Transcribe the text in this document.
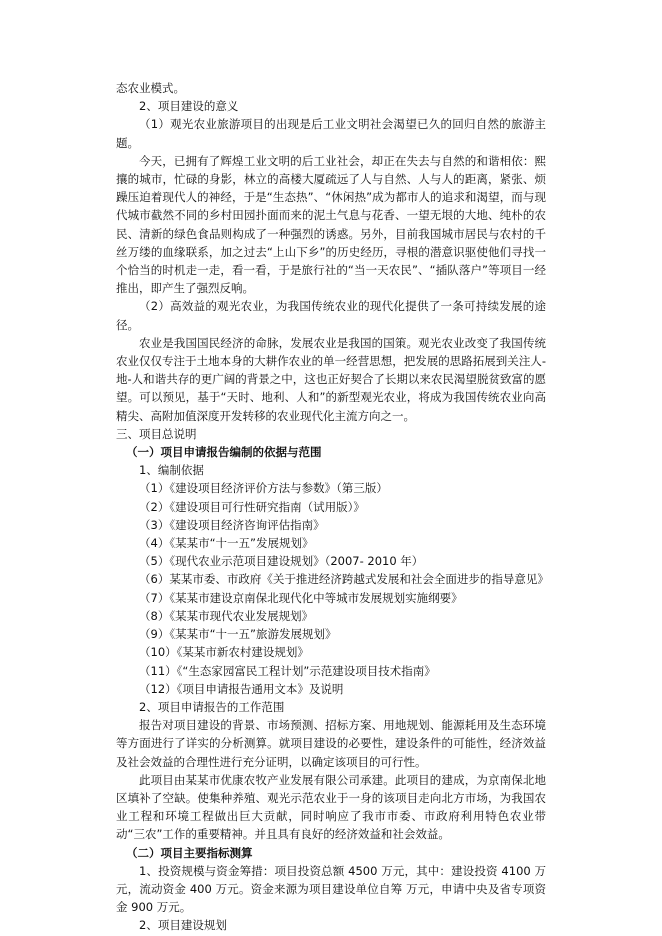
态农业模式。

2、项目建设的意义

（1）观光农业旅游项目的出现是后工业文明社会渴望已久的回归自然的旅游主题。

今天，已拥有了辉煌工业文明的后工业社会，却正在失去与自然的和谐相依：熙攘的城市，忙碌的身影，林立的高楼大厦疏远了人与自然、人与人的距离，紧张、烦躁压迫着现代人的神经，于是“生态热”、“休闲热”成为都市人的追求和渴望，而与现代城市截然不同的乡村田园扑面而来的泥土气息与花香、一望无垠的大地、纯朴的农民、清新的绿色食品则构成了一种强烈的诱惑。另外，目前我国城市居民与农村的千丝万缕的血缘联系，加之过去“上山下乡”的历史经历，寻根的潜意识驱使他们寻找一个恰当的时机走一走，看一看，于是旅行社的“当一天农民”、“插队落户”等项目一经推出，即产生了强烈反响。

（2）高效益的观光农业，为我国传统农业的现代化提供了一条可持续发展的途径。

农业是我国国民经济的命脉，发展农业是我国的国策。观光农业改变了我国传统农业仅仅专注于土地本身的大耕作农业的单一经营思想，把发展的思路拓展到关注人-地-人和谐共存的更广阔的背景之中，这也正好契合了长期以来农民渴望脱贫致富的愿望。可以预见，基于“天时、地利、人和”的新型观光农业，将成为我国传统农业向高精尖、高附加值深度开发转移的农业现代化主流方向之一。

三、项目总说明

（一）项目申请报告编制的依据与范围

1、编制依据

（1）《建设项目经济评价方法与参数》（第三版）

（2）《建设项目可行性研究指南（试用版）》

（3）《建设项目经济咨询评估指南》

（4）《某某市“十一五”发展规划》

（5）《现代农业示范项目建设规划》（2007- 2010 年）

（6）某某市委、市政府《关于推进经济跨越式发展和社会全面进步的指导意见》

（7）《某某市建设京南保北现代化中等城市发展规划实施纲要》

（8）《某某市现代农业发展规划》

（9）《某某市“十一五”旅游发展规划》

（10）《某某市新农村建设规划》

（11）《“生态家园富民工程计划”示范建设项目技术指南》

（12）《项目申请报告通用文本》及说明

2、项目申请报告的工作范围

报告对项目建设的背景、市场预测、招标方案、用地规划、能源耗用及生态环境等方面进行了详实的分析测算。就项目建设的必要性，建设条件的可能性，经济效益及社会效益的合理性进行充分证明，以确定该项目的可行性。

此项目由某某市优康农牧产业发展有限公司承建。此项目的建成，为京南保北地区填补了空缺。使集种养殖、观光示范农业于一身的该项目走向北方市场，为我国农业工程和环境工程做出巨大贡献，同时响应了我市市委、市政府利用特色农业带动“三农”工作的重要精神。并且具有良好的经济效益和社会效益。

（二）项目主要指标测算

1、投资规模与资金筹措：项目投资总额 4500 万元，其中：建设投资 4100 万元，流动资金 400 万元。资金来源为项目建设单位自筹 万元，申请中央及省专项资金 900 万元。

2、项目建设规划
